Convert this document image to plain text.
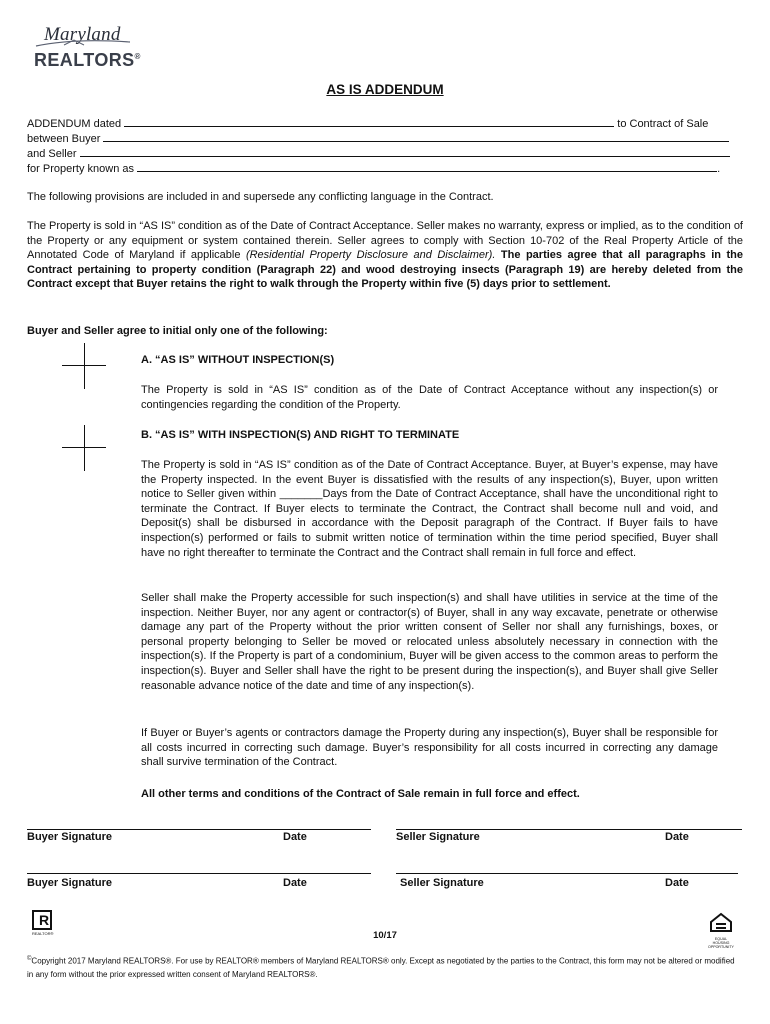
Maryland
REALTORS®
AS IS ADDENDUM
ADDENDUM dated	to Contract of Sale
between Buyer
and Seller
for Property known as	.
The following provisions are included in and supersede any conflicting language in the Contract.
The Property is sold in “AS IS” condition as of the Date of Contract Acceptance. Seller makes no warranty, express or implied, as to the condition of the Property or any equipment or system contained therein. Seller agrees to comply with Section 10-702 of the Real Property Article of the Annotated Code of Maryland if applicable (Residential Property Disclosure and Disclaimer). The parties agree that all paragraphs in the Contract pertaining to property condition (Paragraph 22) and wood destroying insects (Paragraph 19) are hereby deleted from the Contract except that Buyer retains the right to walk through the Property within five (5) days prior to settlement.
Buyer and Seller agree to initial only one of the following:
A. “AS IS” WITHOUT INSPECTION(S)
The Property is sold in “AS IS” condition as of the Date of Contract Acceptance without any inspection(s) or contingencies regarding the condition of the Property.
B. “AS IS” WITH INSPECTION(S) AND RIGHT TO TERMINATE
The Property is sold in “AS IS” condition as of the Date of Contract Acceptance. Buyer, at Buyer’s expense, may have the Property inspected. In the event Buyer is dissatisfied with the results of any inspection(s), Buyer, upon written notice to Seller given within _______Days from the Date of Contract Acceptance, shall have the unconditional right to terminate the Contract. If Buyer elects to terminate the Contract, the Contract shall become null and void, and Deposit(s) shall be disbursed in accordance with the Deposit paragraph of the Contract. If Buyer fails to have inspection(s) performed or fails to submit written notice of termination within the time period specified, Buyer shall have no right thereafter to terminate the Contract and the Contract shall remain in full force and effect.
Seller shall make the Property accessible for such inspection(s) and shall have utilities in service at the time of the inspection. Neither Buyer, nor any agent or contractor(s) of Buyer, shall in any way excavate, penetrate or otherwise damage any part of the Property without the prior written consent of Seller nor shall any furnishings, boxes, or personal property belonging to Seller be moved or relocated unless absolutely necessary in connection with the inspection(s). If the Property is part of a condominium, Buyer will be given access to the common areas to perform the inspection(s). Buyer and Seller shall have the right to be present during the inspection(s), and Buyer shall give Seller reasonable advance notice of the date and time of any inspection(s).
If Buyer or Buyer’s agents or contractors damage the Property during any inspection(s), Buyer shall be responsible for all costs incurred in correcting such damage. Buyer’s responsibility for all costs incurred in correcting any damage shall survive termination of the Contract.
All other terms and conditions of the Contract of Sale remain in full force and effect.
Buyer Signature	Date	Seller Signature	Date
Buyer Signature	Date	Seller Signature	Date
R
REALTOR®	10/17	EQUAL HOUSING OPPORTUNITY
©Copyright 2017 Maryland REALTORS®. For use by REALTOR® members of Maryland REALTORS® only. Except as negotiated by the parties to the Contract, this form may not be altered or modified in any form without the prior expressed written consent of Maryland REALTORS®.
